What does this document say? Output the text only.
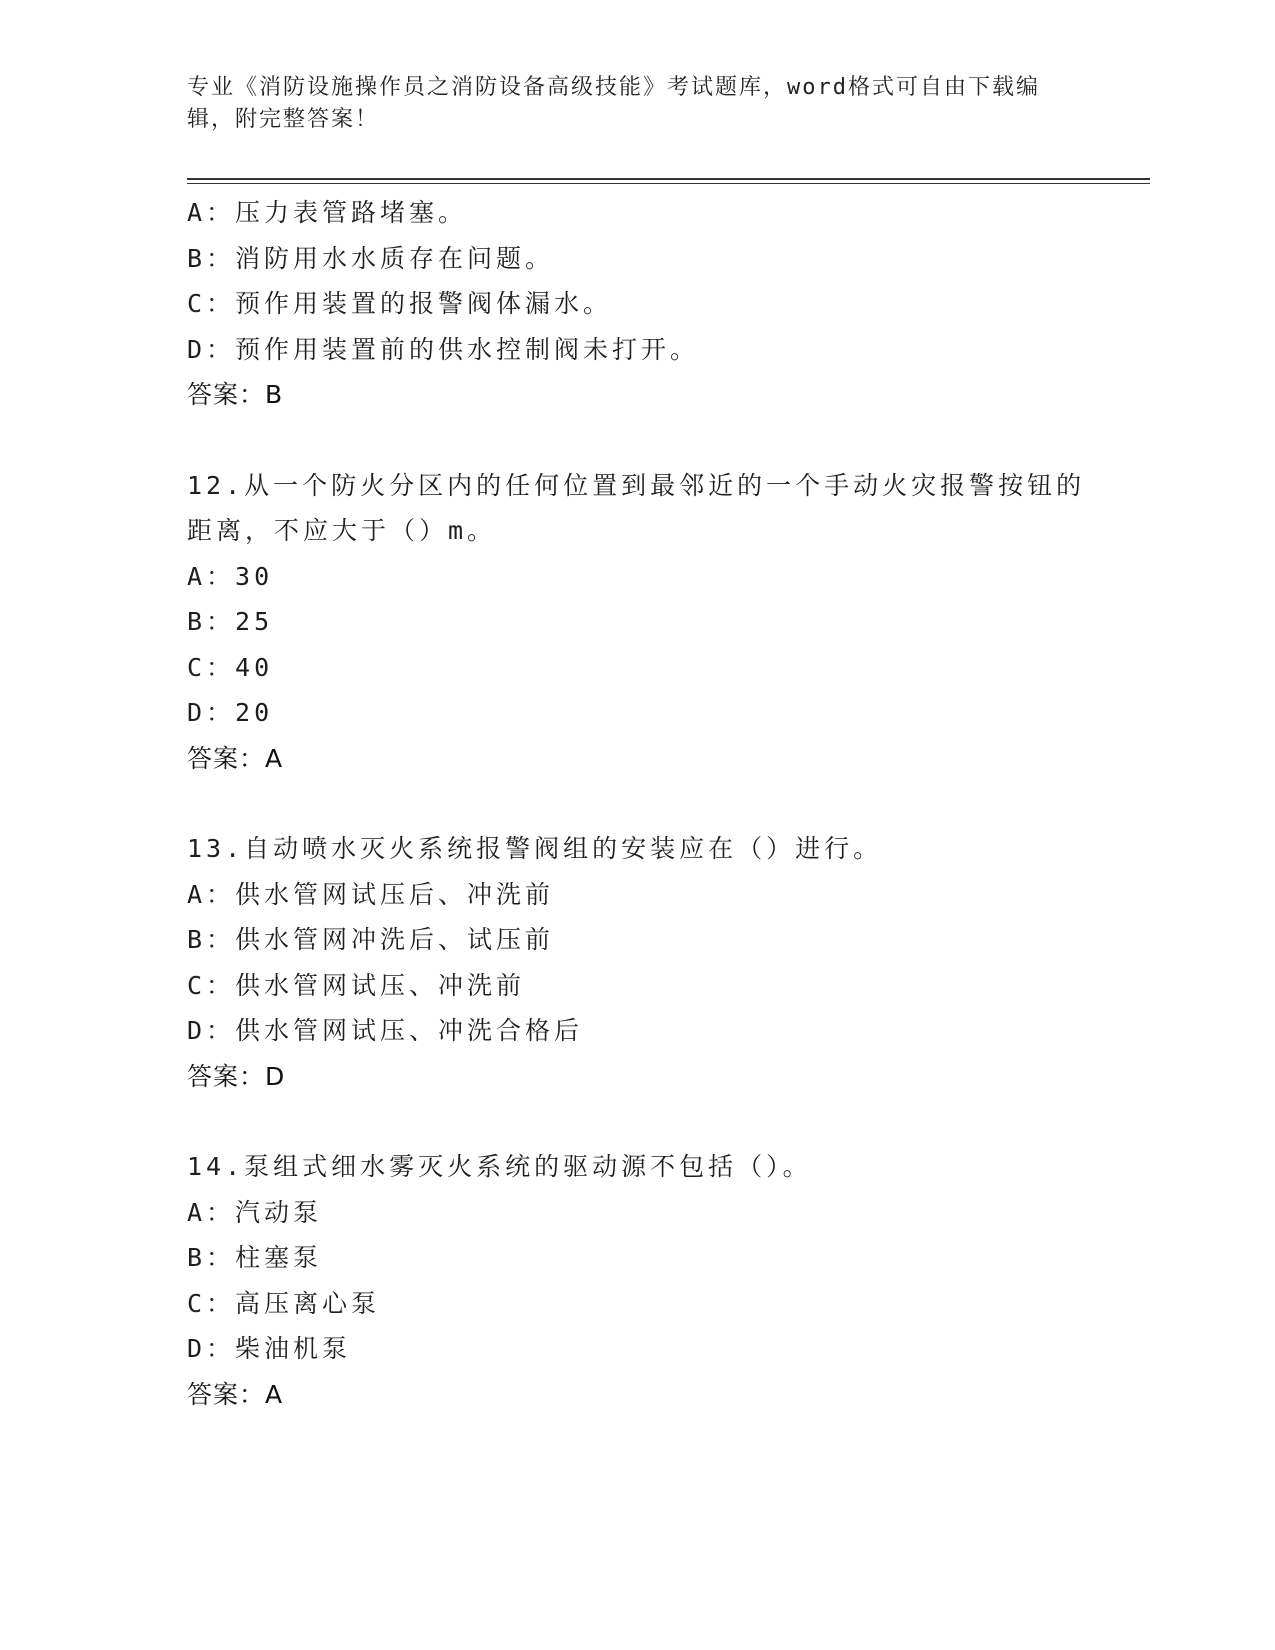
专业《消防设施操作员之消防设备高级技能》考试题库，word格式可自由下载编
辑，附完整答案！
A：压力表管路堵塞。
B：消防用水水质存在问题。
C：预作用装置的报警阀体漏水。
D：预作用装置前的供水控制阀未打开。
答案：B
12.从一个防火分区内的任何位置到最邻近的一个手动火灾报警按钮的
距离，不应大于（）m。
A：30
B：25
C：40
D：20
答案：A
13.自动喷水灭火系统报警阀组的安装应在（）进行。
A：供水管网试压后、冲洗前
B：供水管网冲洗后、试压前
C：供水管网试压、冲洗前
D：供水管网试压、冲洗合格后
答案：D
14.泵组式细水雾灭火系统的驱动源不包括（）。
A：汽动泵
B：柱塞泵
C：高压离心泵
D：柴油机泵
答案：A
